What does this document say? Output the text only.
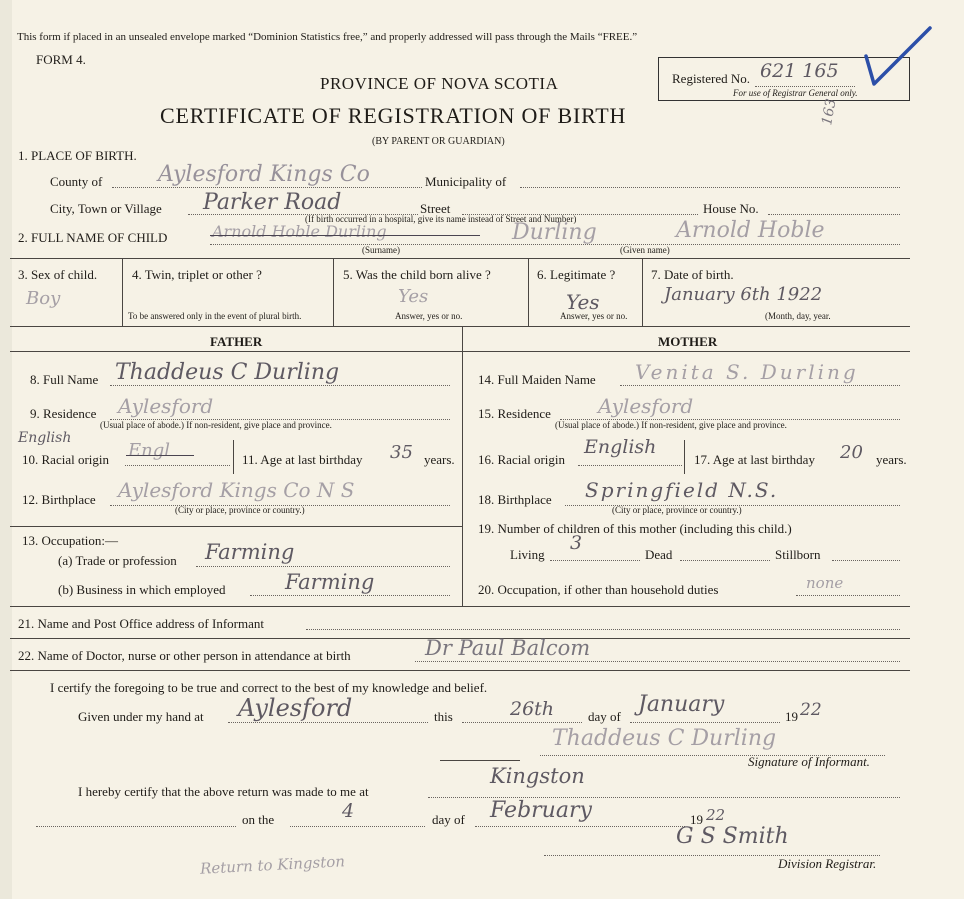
This form if placed in an unsealed envelope marked “Dominion Statistics free,” and properly addressed will pass through the Mails “FREE.”
FORM 4.
PROVINCE OF NOVA SCOTIA
CERTIFICATE OF REGISTRATION OF BIRTH
(BY PARENT OR GUARDIAN)
Registered No. 621 165
For use of Registrar General only.
163
1. PLACE OF BIRTH.
County of	Aylesford Kings Co	Municipality of
City, Town or Village Parker Road	Street	House No.
(If birth occurred in a hospital, give its name instead of Street and Number)
2. FULL NAME OF CHILD	Arnold Hoble Durling	Durling	Arnold Hoble
(Surname)	(Given name)
3. Sex of child.
Boy
4. Twin, triplet or other ?
To be answered only in the event of plural birth.
5. Was the child born alive ?
Yes
Answer, yes or no.
6. Legitimate ?
Yes
Answer, yes or no.
7. Date of birth.
January 6th 1922
(Month, day, year.
FATHER	MOTHER
8. Full Name Thaddeus C Durling
9. Residence Aylesford
(Usual place of abode.) If non-resident, give place and province.
English
10. Racial origin Engl	11. Age at last birthday 35 years.
12. Birthplace Aylesford Kings Co N S
(City or place, province or country.)
13. Occupation:—
(a) Trade or profession Farming
(b) Business in which employed	Farming
14. Full Maiden Name Venita S. Durling
15. Residence Aylesford
(Usual place of abode.) If non-resident, give place and province.
16. Racial origin
English
17. Age at last birthday 20 years.
18. Birthplace Springfield N.S.
(City or place, province or country.)
19. Number of children of this mother (including this child.)
Living
3
Dead	Stillborn
20. Occupation, if other than household duties	none
21. Name and Post Office address of Informant
22. Name of Doctor, nurse or other person in attendance at birth	Dr Paul Balcom
I certify the foregoing to be true and correct to the best of my knowledge and belief.
Given under my hand at Aylesford	this	26th	day of January	19 22
Thaddeus C Durling
Signature of Informant.
I hereby certify that the above return was made to me at
Kingston
on the	4	day of February	19 22
G S Smith
Division Registrar.
Return to Kingston
